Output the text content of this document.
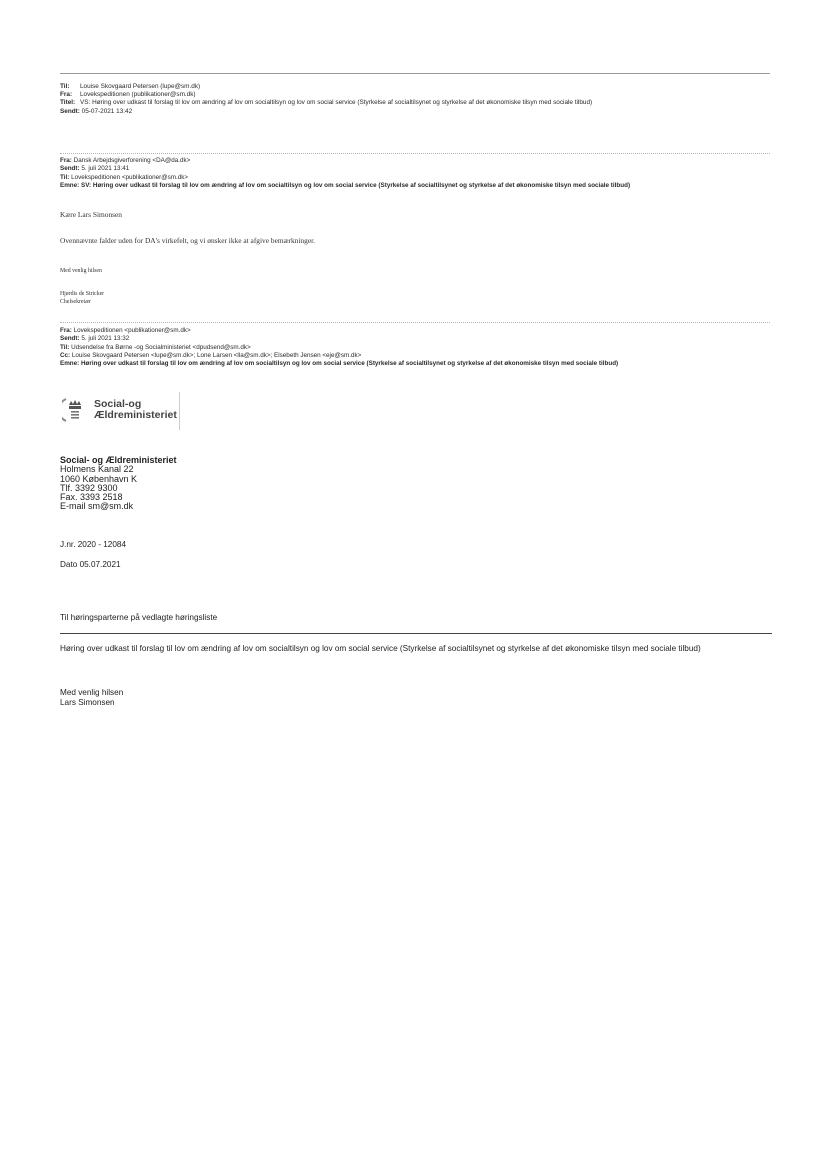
Til: Louise Skovgaard Petersen (lupe@sm.dk)
Fra: Lovekspeditionen (publikationer@sm.dk)
Titel: VS: Høring over udkast til forslag til lov om ændring af lov om socialtilsyn og lov om social service (Styrkelse af socialtilsynet og styrkelse af det økonomiske tilsyn med sociale tilbud)
Sendt: 05-07-2021 13:42
Fra: Dansk Arbejdsgiverforening <DA@da.dk>
Sendt: 5. juli 2021 13:41
Til: Lovekspeditionen <publikationer@sm.dk>
Emne: SV: Høring over udkast til forslag til lov om ændring af lov om socialtilsyn og lov om social service (Styrkelse af socialtilsynet og styrkelse af det økonomiske tilsyn med sociale tilbud)
Kære Lars Simonsen
Ovennævnte falder uden for DA's virkefelt, og vi ønsker ikke at afgive bemærkninger.
Med venlig hilsen
Hjørdis de Stricker
Chefsekretær
Fra: Lovekspeditionen <publikationer@sm.dk>
Sendt: 5. juli 2021 13:32
Til: Udsendelse fra Børne -og Socialministeriet <dpudsend@sm.dk>
Cc: Louise Skovgaard Petersen <lupe@sm.dk>; Lone Larsen <lla@sm.dk>; Elsebeth Jensen <eje@sm.dk>
Emne: Høring over udkast til forslag til lov om ændring af lov om socialtilsyn og lov om social service (Styrkelse af socialtilsynet og styrkelse af det økonomiske tilsyn med sociale tilbud)
Social-og
Ældreministeriet
Social- og Ældreministeriet
Holmens Kanal 22
1060 København K
Tlf. 3392 9300
Fax. 3393 2518
E-mail sm@sm.dk
J.nr. 2020 - 12084
Dato 05.07.2021
Til høringsparterne på vedlagte høringsliste
Høring over udkast til forslag til lov om ændring af lov om socialtilsyn og lov om social service (Styrkelse af socialtilsynet og styrkelse af det økonomiske tilsyn med sociale tilbud)
Med venlig hilsen
Lars Simonsen
